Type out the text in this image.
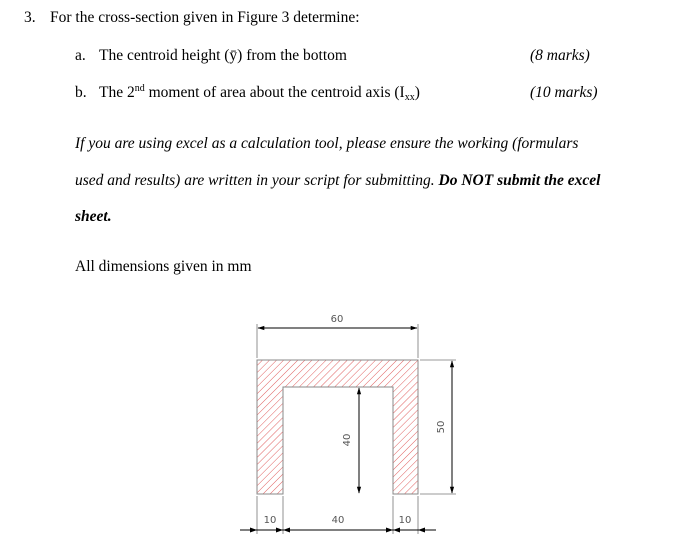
3. For the cross-section given in Figure 3 determine:
a. The centroid height (ȳ) from the bottom	(8 marks)
b. The 2nd moment of area about the centroid axis $(I_{xx})$	(10 marks)
If you are using excel as a calculation tool, please ensure the working (formulars
used and results) are written in your script for submitting. Do NOT submit the excel
sheet.
All dimensions given in mm
60
50
40
10	40	10
